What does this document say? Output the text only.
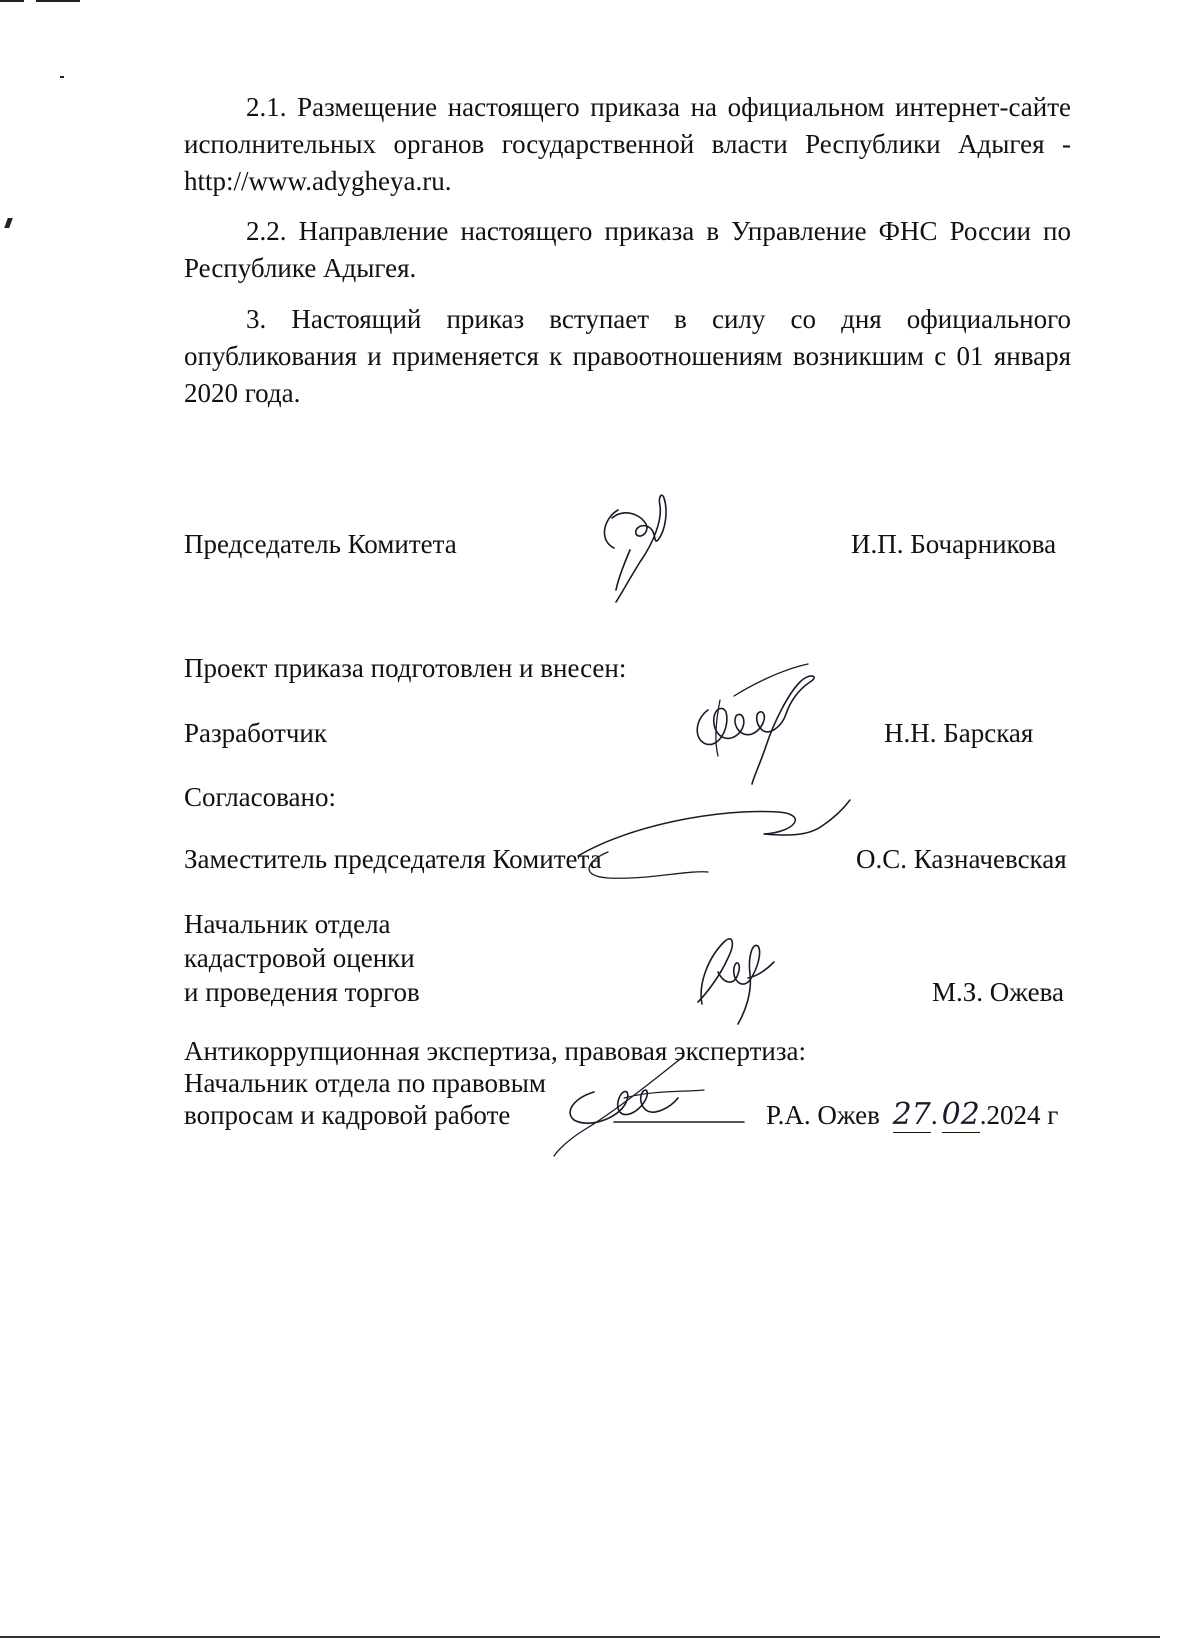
2.1. Размещение настоящего приказа на официальном интернет-сайте исполнительных органов государственной власти Республики Адыгея - http://www.adygheya.ru.

2.2. Направление настоящего приказа в Управление ФНС России по Республике Адыгея.

3. Настоящий приказ вступает в силу со дня официального опубликования и применяется к правоотношениям возникшим с 01 января 2020 года.

Председатель Комитета	И.П. Бочарникова

Проект приказа подготовлен и внесен:

Разработчик	Н.Н. Барская

Согласовано:

Заместитель председателя Комитета	О.С. Казначевская

Начальник отдела

кадастровой оценки

и проведения торгов	М.З. Ожева

Антикоррупционная экспертиза, правовая экспертиза:

Начальник отдела по правовым

вопросам и кадровой работе	Р.А. Ожев 27. 02.2024 г
